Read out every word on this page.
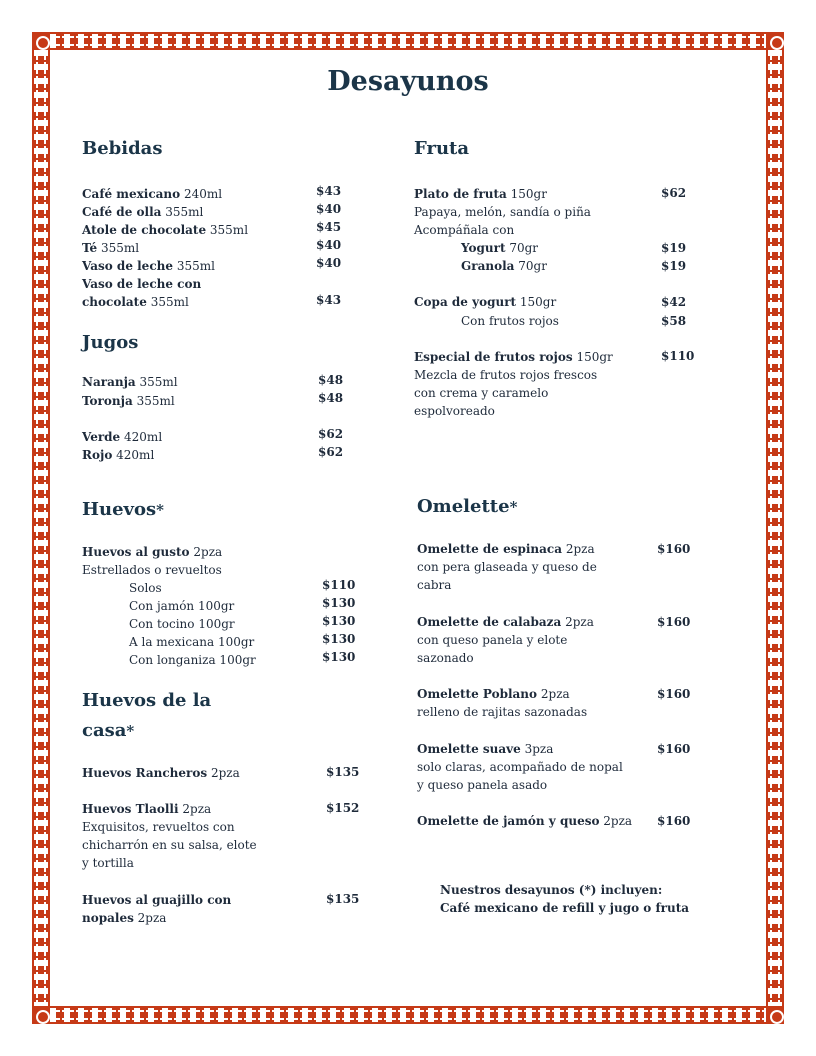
Desayunos
Bebidas
Café mexicano 240ml	$43
Café de olla 355ml	$40
Atole de chocolate 355ml	$45
Té 355ml	$40
Vaso de leche 355ml	$40
Vaso de leche con
chocolate 355ml	$43
Jugos
Naranja 355ml	$48
Toronja 355ml	$48
Verde 420ml	$62
Rojo 420ml	$62
Fruta
Plato de fruta 150gr	$62
Papaya, melón, sandía o piña
Acompáñala con
Yogurt 70gr	$19
Granola 70gr	$19
Copa de yogurt 150gr	$42
Con frutos rojos	$58
Especial de frutos rojos 150gr	$110
Mezcla de frutos rojos frescos
con crema y caramelo
espolvoreado
Huevos*
Huevos al gusto 2pza
Estrellados o revueltos
Solos	$110
Con jamón 100gr	$130
Con tocino 100gr	$130
A la mexicana 100gr	$130
Con longaniza 100gr	$130
Huevos de la
casa*
Huevos Rancheros 2pza	$135
Huevos Tlaolli 2pza	$152
Exquisitos, revueltos con
chicharrón en su salsa, elote
y tortilla
Huevos al guajillo con
nopales 2pza
$135
Omelette*
Omelette de espinaca 2pza	$160
con pera glaseada y queso de
cabra
Omelette de calabaza 2pza	$160
con queso panela y elote
sazonado
Omelette Poblano 2pza	$160
relleno de rajitas sazonadas
Omelette suave 3pza	$160
solo claras, acompañado de nopal
y queso panela asado
Omelette de jamón y queso 2pza $160
Nuestros desayunos (*) incluyen:
Café mexicano de refill y jugo o fruta
